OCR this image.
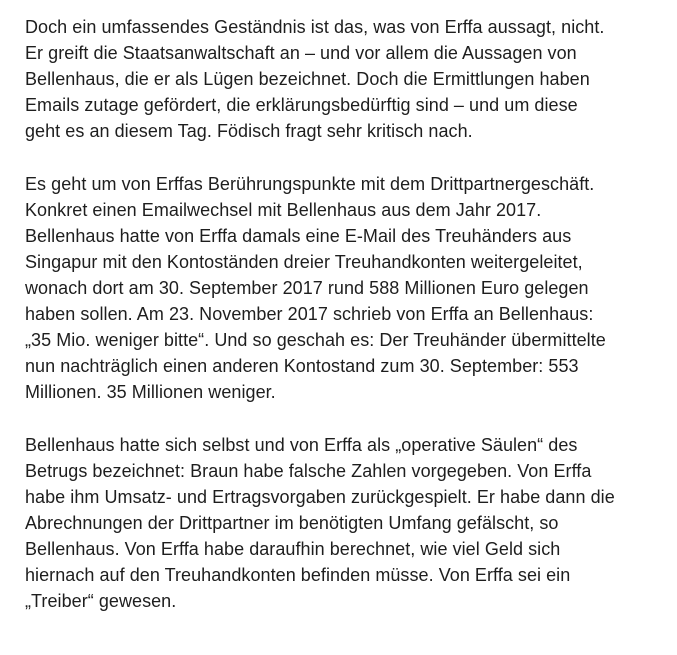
Doch ein umfassendes Geständnis ist das, was von Erffa aussagt, nicht.
Er greift die Staatsanwaltschaft an – und vor allem die Aussagen von
Bellenhaus, die er als Lügen bezeichnet. Doch die Ermittlungen haben
Emails zutage gefördert, die erklärungsbedürftig sind – und um diese
geht es an diesem Tag. Födisch fragt sehr kritisch nach.

Es geht um von Erffas Berührungspunkte mit dem Drittpartnergeschäft.
Konkret einen Emailwechsel mit Bellenhaus aus dem Jahr 2017.
Bellenhaus hatte von Erffa damals eine E-Mail des Treuhänders aus
Singapur mit den Kontoständen dreier Treuhandkonten weitergeleitet,
wonach dort am 30. September 2017 rund 588 Millionen Euro gelegen
haben sollen. Am 23. November 2017 schrieb von Erffa an Bellenhaus:
„35 Mio. weniger bitte“. Und so geschah es: Der Treuhänder übermittelte
nun nachträglich einen anderen Kontostand zum 30. September: 553
Millionen. 35 Millionen weniger.

Bellenhaus hatte sich selbst und von Erffa als „operative Säulen“ des
Betrugs bezeichnet: Braun habe falsche Zahlen vorgegeben. Von Erffa
habe ihm Umsatz- und Ertragsvorgaben zurückgespielt. Er habe dann die
Abrechnungen der Drittpartner im benötigten Umfang gefälscht, so
Bellenhaus. Von Erffa habe daraufhin berechnet, wie viel Geld sich
hiernach auf den Treuhandkonten befinden müsse. Von Erffa sei ein
„Treiber“ gewesen.
